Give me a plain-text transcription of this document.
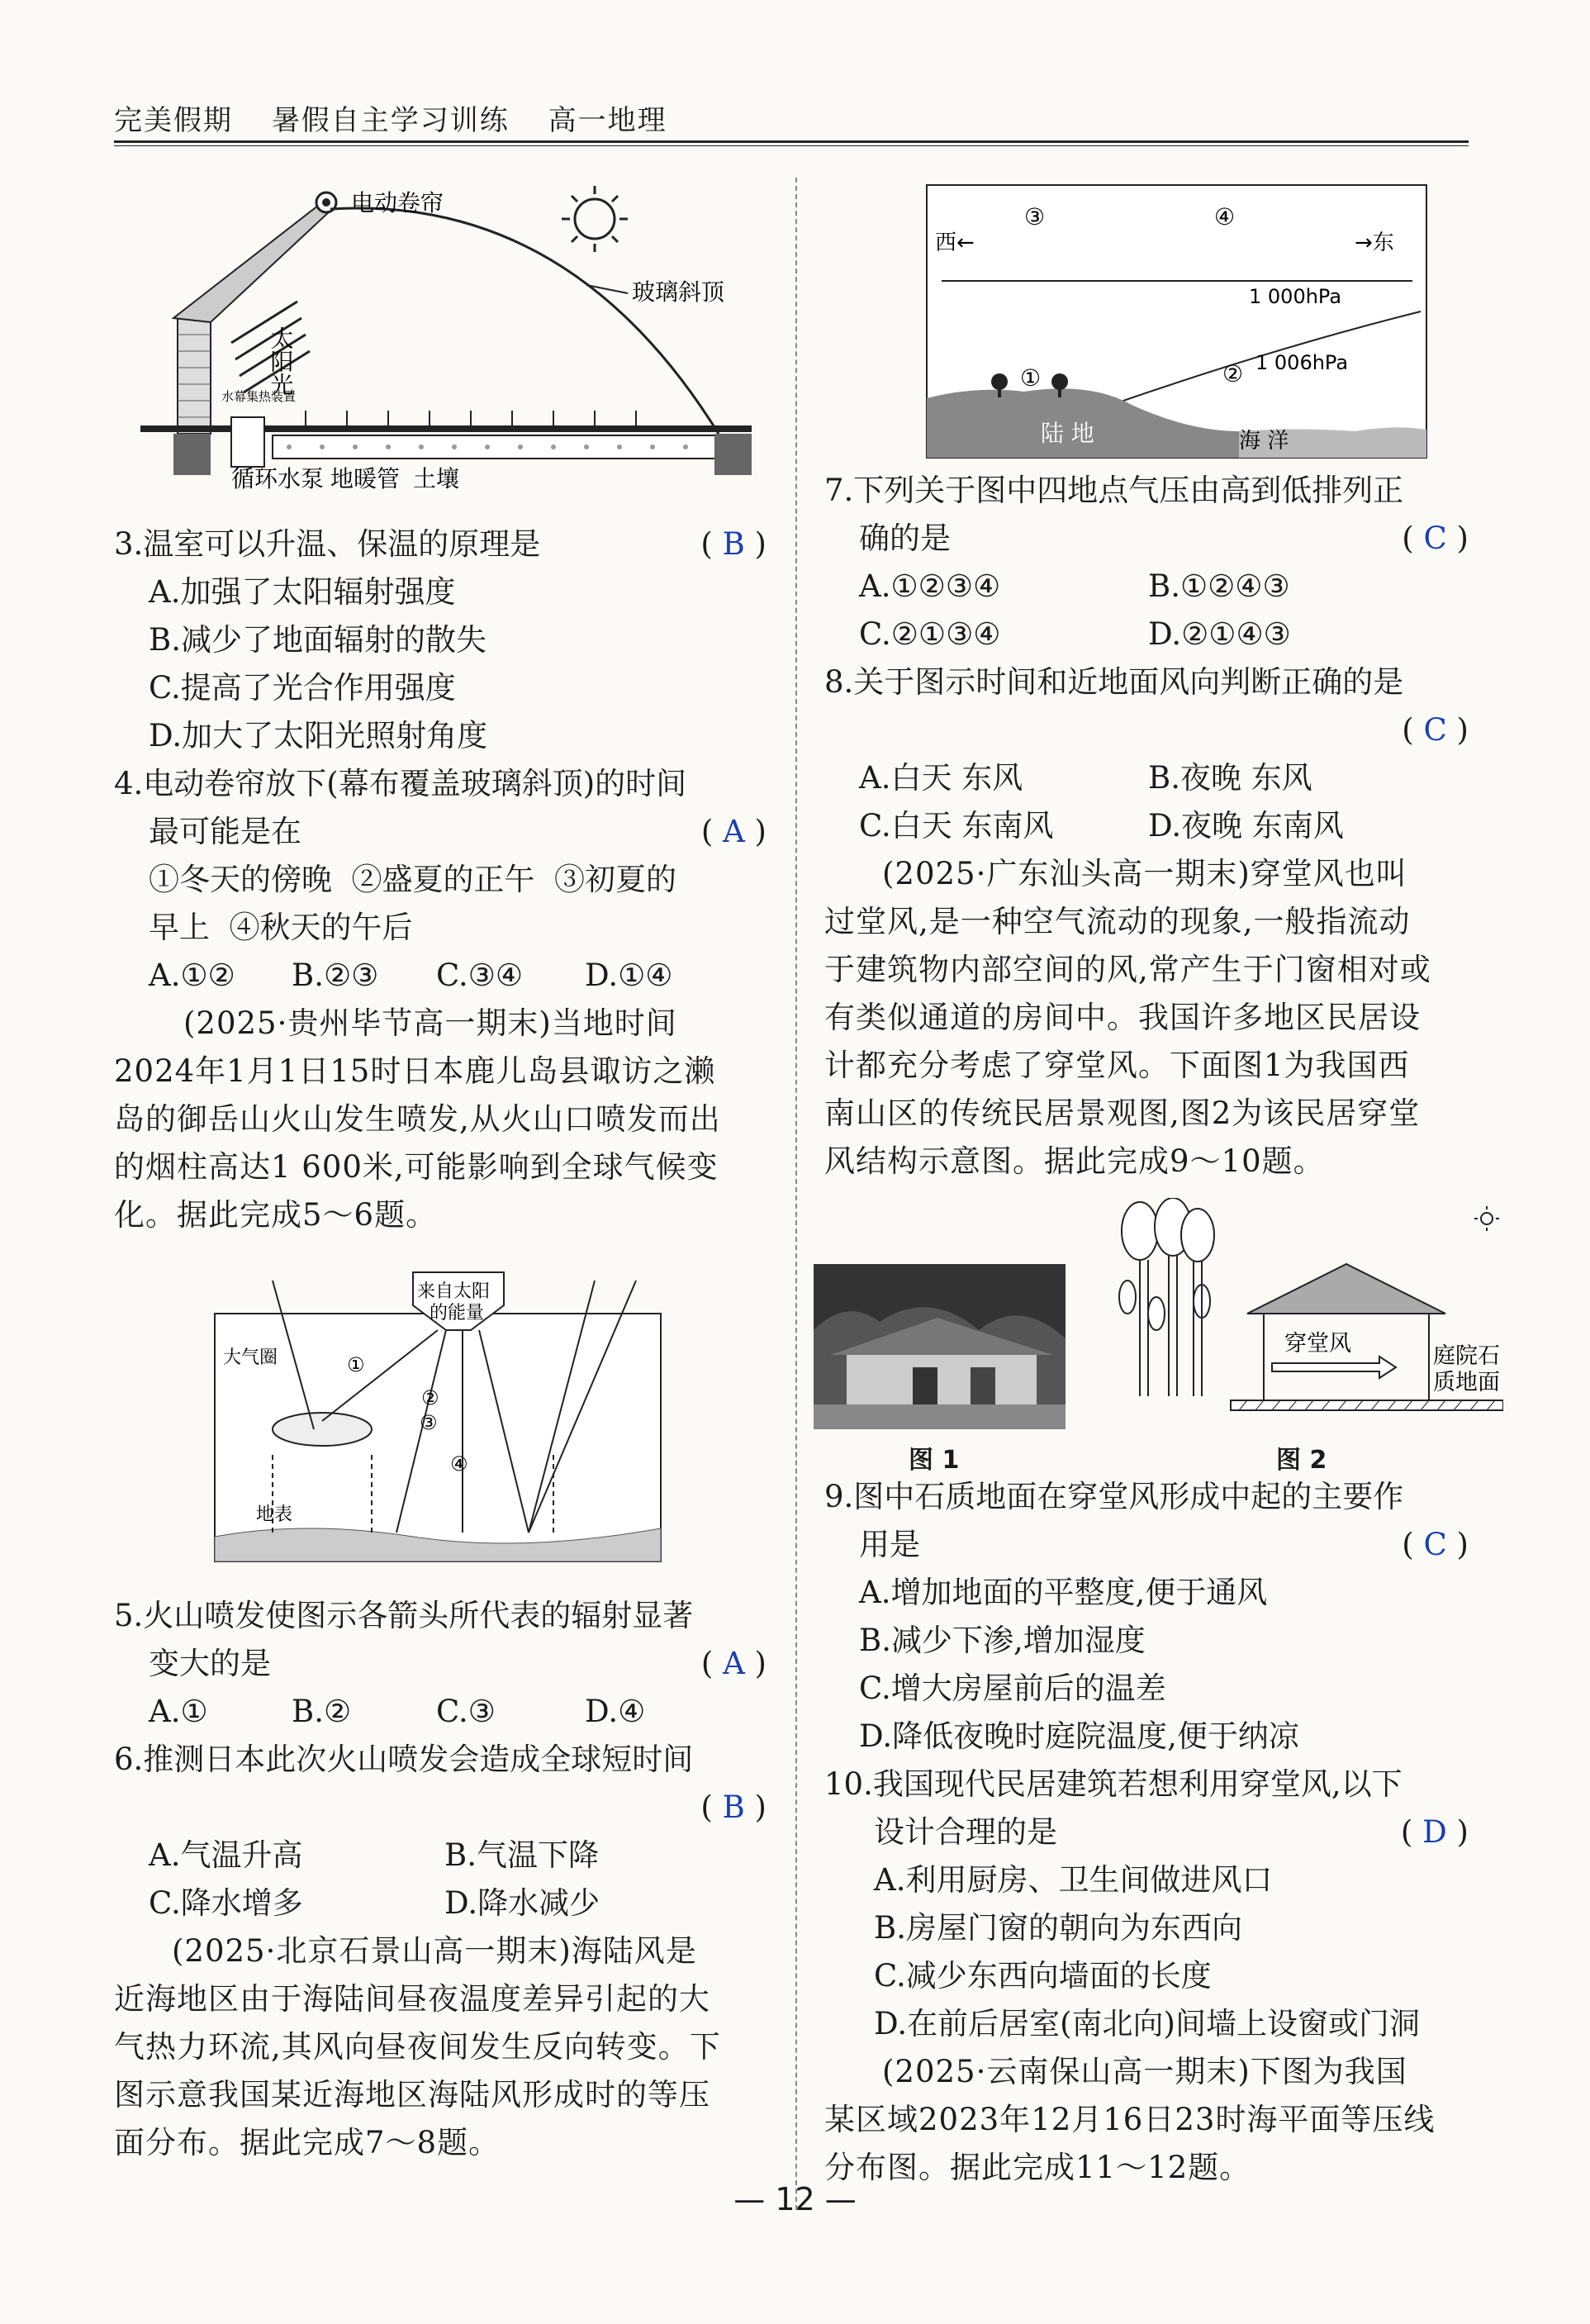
完美假期 暑假自主学习训练 高一地理
电动卷帘
玻璃斜顶
太阳光
水幕集热装置
循环水泵 地暖管 土壤
3.温室可以升温、保温的原理是	( B )

A.加强了太阳辐射强度

B.减少了地面辐射的散失

C.提高了光合作用强度

D.加大了太阳光照射角度

4.电动卷帘放下(幕布覆盖玻璃斜顶)的时间

最可能是在	( A )

①冬天的傍晚  ②盛夏的正午  ③初夏的

早上  ④秋天的午后

A.①② B.②③ C.③④ D.①④

(2025·贵州毕节高一期末)当地时间

2024年1月1日15时日本鹿儿岛县诹访之濑

岛的御岳山火山发生喷发,从火山口喷发而出

的烟柱高达1 600米,可能影响到全球气候变

化。据此完成5～6题。

来自太阳
的能量
大气圈
地表
①
②
③
④

5.火山喷发使图示各箭头所代表的辐射显著

变大的是	( A )
A.①	B.②	C.③	D.④

6.推测日本此次火山喷发会造成全球短时间

( B )
A.气温升高	B.气温下降
C.降水增多	D.降水减少

(2025·北京石景山高一期末)海陆风是

近海地区由于海陆间昼夜温度差异引起的大

气热力环流,其风向昼夜间发生反向转变。下

图示意我国某近海地区海陆风形成时的等压

面分布。据此完成7～8题。

西←	→东
③	④
①	②
1 000hPa
1 006hPa
陆 地	海 洋

7.下列关于图中四地点气压由高到低排列正

确的是	( C )
A.①②③④	B.①②④③
C.②①③④	D.②①④③

8.关于图示时间和近地面风向判断正确的是

( C )
A.白天 东风	B.夜晚 东风
C.白天 东南风	D.夜晚 东南风

(2025·广东汕头高一期末)穿堂风也叫

过堂风,是一种空气流动的现象,一般指流动

于建筑物内部空间的风,常产生于门窗相对或

有类似通道的房间中。我国许多地区民居设

计都充分考虑了穿堂风。下面图1为我国西

南山区的传统民居景观图,图2为该民居穿堂

风结构示意图。据此完成9～10题。

穿堂风	庭院石
质地面
图 1	图 2

9.图中石质地面在穿堂风形成中起的主要作

用是	( C )

A.增加地面的平整度,便于通风

B.减少下渗,增加湿度

C.增大房屋前后的温差

D.降低夜晚时庭院温度,便于纳凉

10.我国现代民居建筑若想利用穿堂风,以下

设计合理的是	( D )

A.利用厨房、卫生间做进风口

B.房屋门窗的朝向为东西向

C.减少东西向墙面的长度

D.在前后居室(南北向)间墙上设窗或门洞

(2025·云南保山高一期末)下图为我国

某区域2023年12月16日23时海平面等压线

分布图。据此完成11～12题。

— 12 —
